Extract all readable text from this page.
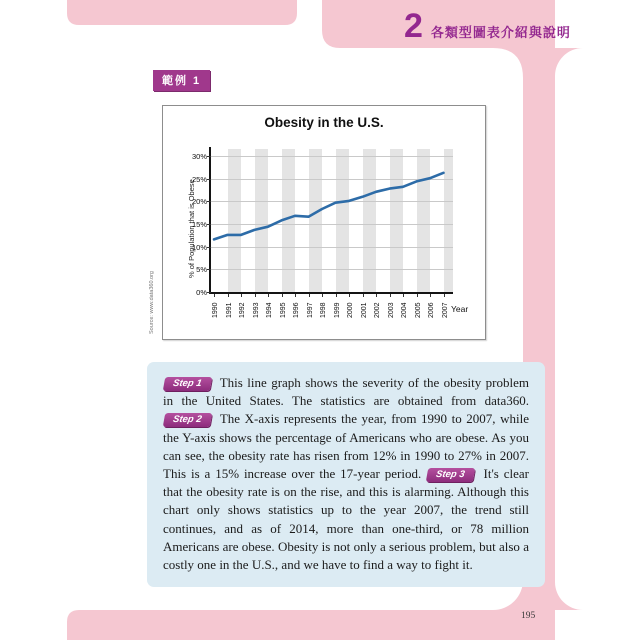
2 各類型圖表介紹與說明
範例 1
Obesity in the U.S.
0%
5%
10%
15%
20%
25%
30%
1990 1991 1992 1993 1994 1995 1996 1997 1998 1999 2000 2001 2002 2003 2004 2005 2006 2007
% of Population that is Obese
Year
Source: www.data360.org

Step 1 This line graph shows the severity of the obesity problem in the United States. The statistics are obtained from data360. Step 2 The X-axis represents the year, from 1990 to 2007, while the Y-axis shows the percentage of Americans who are obese. As you can see, the obesity rate has risen from 12% in 1990 to 27% in 2007. This is a 15% increase over the 17-year period. Step 3 It's clear that the obesity rate is on the rise, and this is alarming. Although this chart only shows statistics up to the year 2007, the trend still continues, and as of 2014, more than one-third, or 78 million Americans are obese. Obesity is not only a serious problem, but also a costly one in the U.S., and we have to find a way to fight it.

195
